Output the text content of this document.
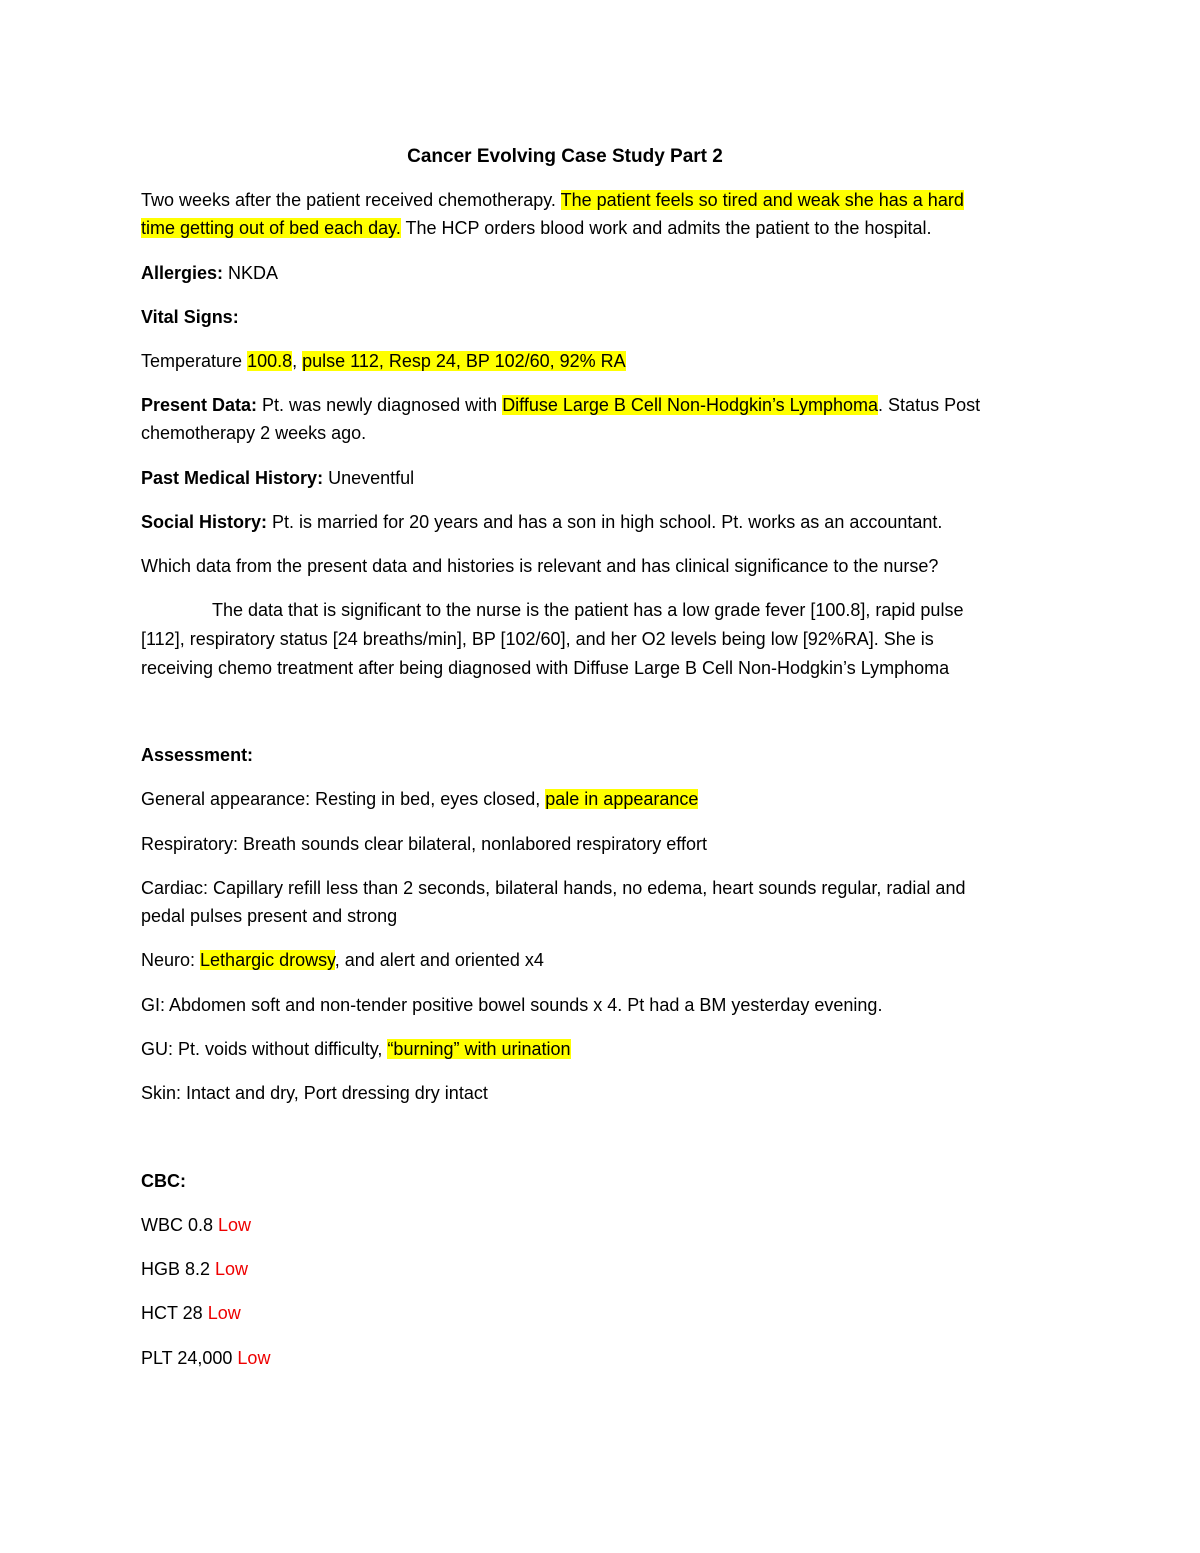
Cancer Evolving Case Study Part 2
Two weeks after the patient received chemotherapy. The patient feels so tired and weak she has a hard
time getting out of bed each day. The HCP orders blood work and admits the patient to the hospital.
Allergies: NKDA
Vital Signs:
Temperature 100.8, pulse 112, Resp 24, BP 102/60, 92% RA
Present Data: Pt. was newly diagnosed with Diffuse Large B Cell Non-Hodgkin’s Lymphoma. Status Post
chemotherapy 2 weeks ago.
Past Medical History: Uneventful
Social History: Pt. is married for 20 years and has a son in high school. Pt. works as an accountant.
Which data from the present data and histories is relevant and has clinical significance to the nurse?
The data that is significant to the nurse is the patient has a low grade fever [100.8], rapid pulse
[112], respiratory status [24 breaths/min], BP [102/60], and her O2 levels being low [92%RA]. She is
receiving chemo treatment after being diagnosed with Diffuse Large B Cell Non-Hodgkin’s Lymphoma
Assessment:
General appearance: Resting in bed, eyes closed, pale in appearance
Respiratory: Breath sounds clear bilateral, nonlabored respiratory effort
Cardiac: Capillary refill less than 2 seconds, bilateral hands, no edema, heart sounds regular, radial and
pedal pulses present and strong
Neuro: Lethargic drowsy, and alert and oriented x4
GI: Abdomen soft and non-tender positive bowel sounds x 4. Pt had a BM yesterday evening.
GU: Pt. voids without difficulty, “burning” with urination
Skin: Intact and dry, Port dressing dry intact
CBC:
WBC 0.8 Low
HGB 8.2 Low
HCT 28 Low
PLT 24,000 Low
